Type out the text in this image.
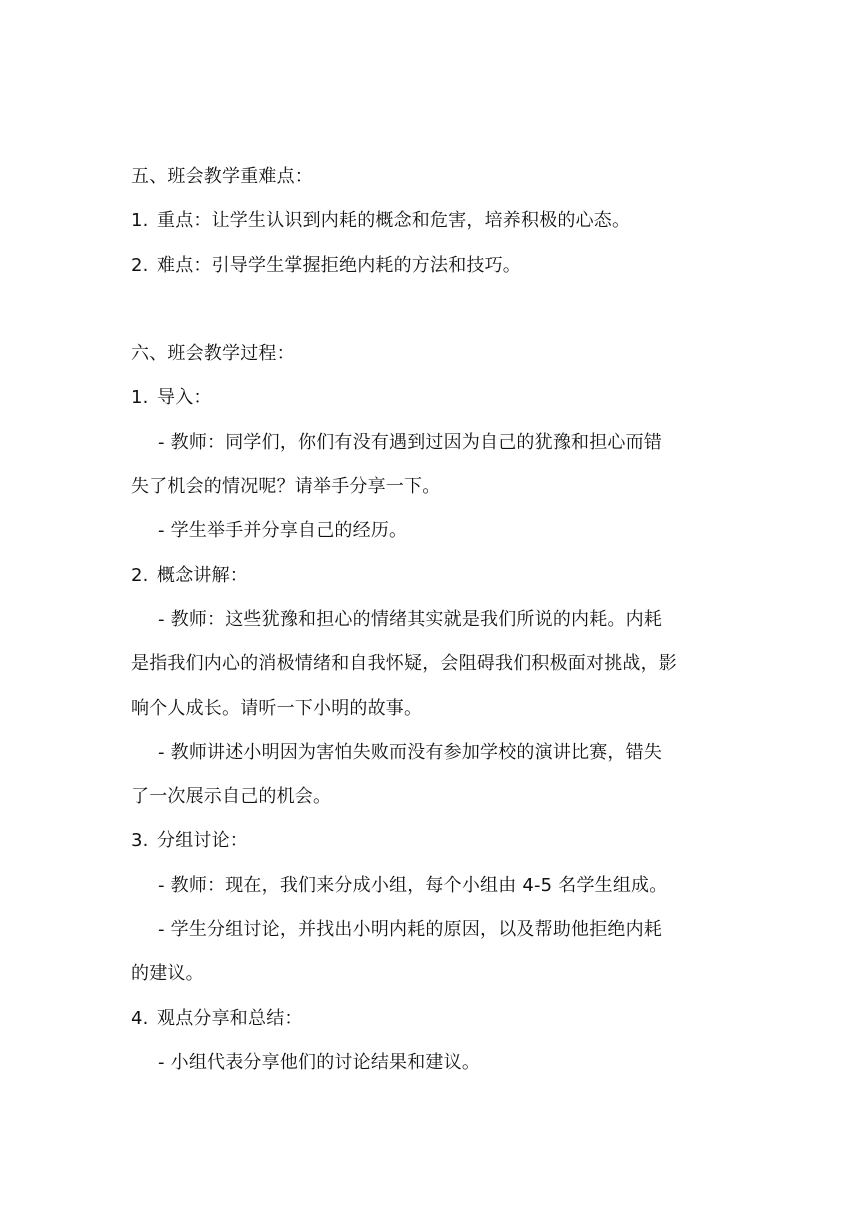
五、班会教学重难点：
1. 重点：让学生认识到内耗的概念和危害，培养积极的心态。
2. 难点：引导学生掌握拒绝内耗的方法和技巧。
六、班会教学过程：
1. 导入：
- 教师：同学们，你们有没有遇到过因为自己的犹豫和担心而错
失了机会的情况呢？请举手分享一下。
- 学生举手并分享自己的经历。
2. 概念讲解：
- 教师：这些犹豫和担心的情绪其实就是我们所说的内耗。内耗
是指我们内心的消极情绪和自我怀疑，会阻碍我们积极面对挑战，影
响个人成长。请听一下小明的故事。
- 教师讲述小明因为害怕失败而没有参加学校的演讲比赛，错失
了一次展示自己的机会。
3. 分组讨论：
- 教师：现在，我们来分成小组，每个小组由 4-5 名学生组成。
- 学生分组讨论，并找出小明内耗的原因，以及帮助他拒绝内耗
的建议。
4. 观点分享和总结：
- 小组代表分享他们的讨论结果和建议。
